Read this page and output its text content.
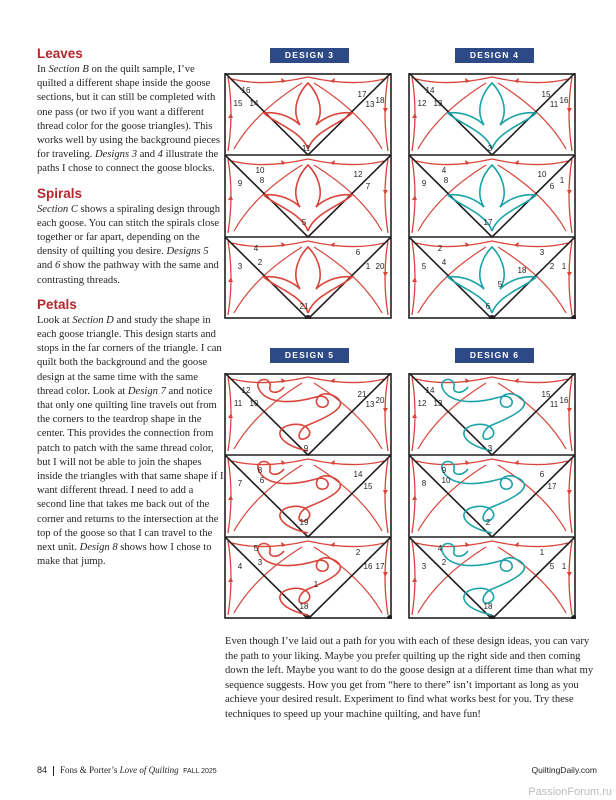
Leaves

In Section B on the quilt sample, I’ve quilted a different shape inside the goose sections, but it can still be completed with one pass (or two if you want a different thread color for the goose triangles). This works well by using the background pieces for traveling. Designs 3 and 4 illustrate the paths I chose to connect the goose blocks.

Spirals

Section C shows a spiraling design through each goose. You can stitch the spirals close together or far apart, depending on the density of quilting you desire. Designs 5 and 6 show the pathway with the same and contrasting threads.

Petals

Look at Section D and study the shape in each goose triangle. This design starts and stops in the far corners of the triangle. I can quilt both the background and the goose design at the same time with the same thread color. Look at Design 7 and notice that only one quilting line travels out from the corners to the teardrop shape in the center. This provides the connection from patch to patch with the same thread color, but I will not be able to join the shapes inside the triangles with that same shape if I want different thread. I need to add a second line that takes me back out of the corner and returns to the intersection at the top of the goose so that I can travel to the next unit. Design 8 shows how I chose to make that jump.

DESIGN 3	DESIGN 4
DESIGN 5	DESIGN 6
16
15 14
17
13 18
11
10
9 8
12
7
5
4
3 2
6
1 20
21
14
12 13
15
11 16
3
4
9 8
10
6
17
2
5 4
3
2 1
6
5
1
18
12
11 10
21
13 20
9
8
7 6
14
15
19
5
4 3
2
16 17
18
1
14
12 13
15
11 16
3
9
8 10
6
17
2
4
3 2
1
5 1
18

Even though I’ve laid out a path for you with each of these design ideas, you can vary the path to your liking. Maybe you prefer quilting up the right side and then coming down the left. Maybe you want to do the goose design at a different time than what my sequence suggests. How you get from “here to there” isn’t important as long as you achieve your desired result. Experiment to find what works best for you. Try these techniques to speed up your machine quilting, and have fun!

84 Fons & Porter’s Love of Quilting FALL 2025	QuiltingDaily.com
PassionForum.ru
